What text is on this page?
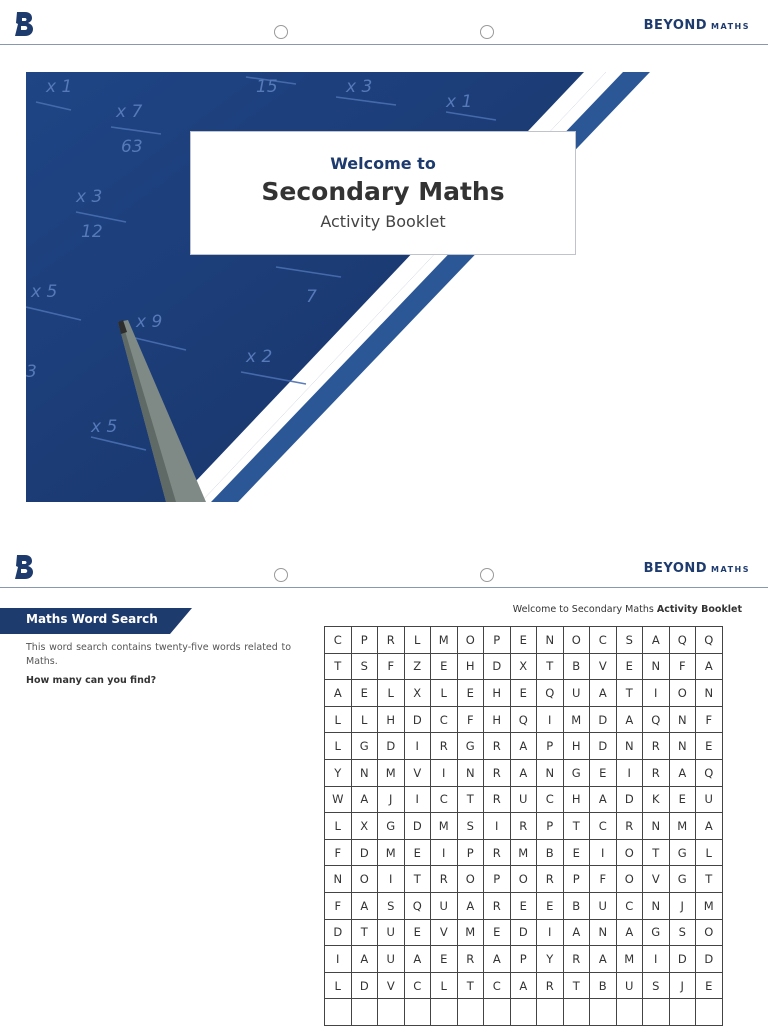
BEYOND MATHS
x 1
x 7
63
x 3
12
x 5
x 9
x 2
x 5
x 3
x 1
15
7
3
Welcome to
Secondary Maths
Activity Booklet
BEYOND MATHS
Maths Word Search
This word search contains twenty-five words related to Maths.
How many can you find?
Welcome to Secondary Maths Activity Booklet
C	P	R	L	M	O	P	E	N	O	C	S	A	Q	Q
T	S	F	Z	E	H	D	X	T	B	V	E	N	F	A
A	E	L	X	L	E	H	E	Q	U	A	T	I	O	N
L	L	H	D	C	F	H	Q	I	M	D	A	Q	N	F
L	G	D	I	R	G	R	A	P	H	D	N	R	N	E
Y	N	M	V	I	N	R	A	N	G	E	I	R	A	Q
W	A	J	I	C	T	R	U	C	H	A	D	K	E	U
L	X	G	D	M	S	I	R	P	T	C	R	N	M	A
F	D	M	E	I	P	R	M	B	E	I	O	T	G	L
N	O	I	T	R	O	P	O	R	P	F	O	V	G	T
F	A	S	Q	U	A	R	E	E	B	U	C	N	J	M
D	T	U	E	V	M	E	D	I	A	N	A	G	S	O
I	A	U	A	E	R	A	P	Y	R	A	M	I	D	D
L	D	V	C	L	T	C	A	R	T	B	U	S	J	E
